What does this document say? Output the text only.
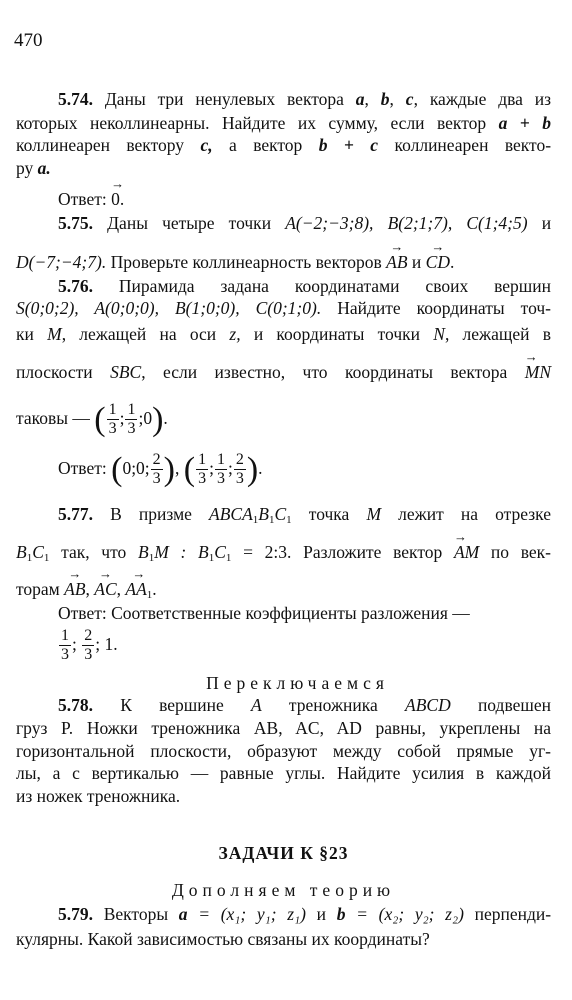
470
5.74. Даны три ненулевых вектора a, b, c, каждые два из
которых неколлинеарны. Найдите их сумму, если вектор a + b
коллинеарен вектору c, а вектор b + c коллинеарен векто-
ру a.
Ответ: → 0.
5.75. Даны четыре точки A(−2;−3;8), B(2;1;7), C(1;4;5) и
D(−7;−4;7). Проверьте коллинеарность векторов → AB и → CD.
5.76. Пирамида задана координатами своих вершин
S(0;0;2), A(0;0;0), B(1;0;0), C(0;1;0). Найдите координаты точ-
ки M, лежащей на оси z, и координаты точки N, лежащей в
плоскости SBC, если известно, что координаты вектора → MN
таковы — ( $\frac{1}{3}$ ; $\frac{1}{3}$ ;0).
Ответ: (0;0; $\frac{2}{3}$ ), ( $\frac{1}{3}$ ; $\frac{1}{3}$ ; $\frac{2}{3}$ ).
5.77. В призме $ABCA_1B_1C_1$ точка M лежит на отрезке
$B_1C_1$ так, что $B_1M$ : $B_1C_1$ = 2:3. Разложите вектор → AM по век-
торам → AB, → AC, → $AA_1$.
Ответ: Соответственные коэффициенты разложения —
$\frac{1}{3}$ ; $\frac{2}{3}$ ; 1.
Переключаемся
5.78. К вершине A треножника ABCD подвешен
груз P. Ножки треножника AB, AC, AD равны, укреплены на
горизонтальной плоскости, образуют между собой прямые уг-
лы, а с вертикалью — равные углы. Найдите усилия в каждой
из ножек треножника.
ЗАДАЧИ К §23
Дополняем теорию
5.79. Векторы a = (x₁; y₁; z₁) и b = (x₂; y₂; z₂) перпенди-
кулярны. Какой зависимостью связаны их координаты?
